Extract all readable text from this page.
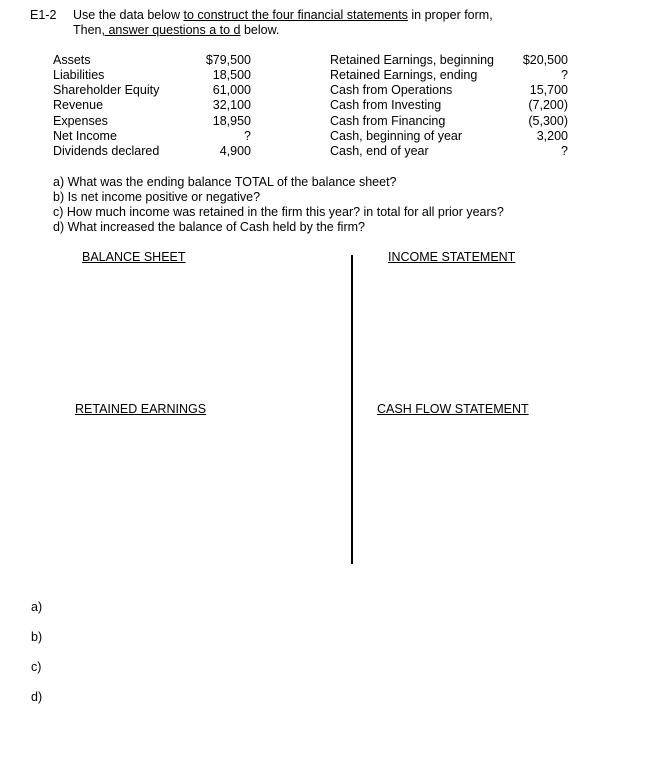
E1-2 Use the data below to construct the four financial statements in proper form,
Then, answer questions a to d below.
Assets	$79,500
Liabilities	18,500
Shareholder Equity	61,000
Revenue	32,100
Expenses	18,950
Net Income	?
Dividends declared	4,900
Retained Earnings, beginning	$20,500
Retained Earnings, ending	?
Cash from Operations	15,700
Cash from Investing	(7,200)
Cash from Financing	(5,300)
Cash, beginning of year	3,200
Cash, end of year	?
a) What was the ending balance TOTAL of the balance sheet?
b) Is net income positive or negative?
c) How much income was retained in the firm this year? in total for all prior years?
d) What increased the balance of Cash held by the firm?
BALANCE SHEET	INCOME STATEMENT
RETAINED EARNINGS	CASH FLOW STATEMENT
a)
b)
c)
d)
